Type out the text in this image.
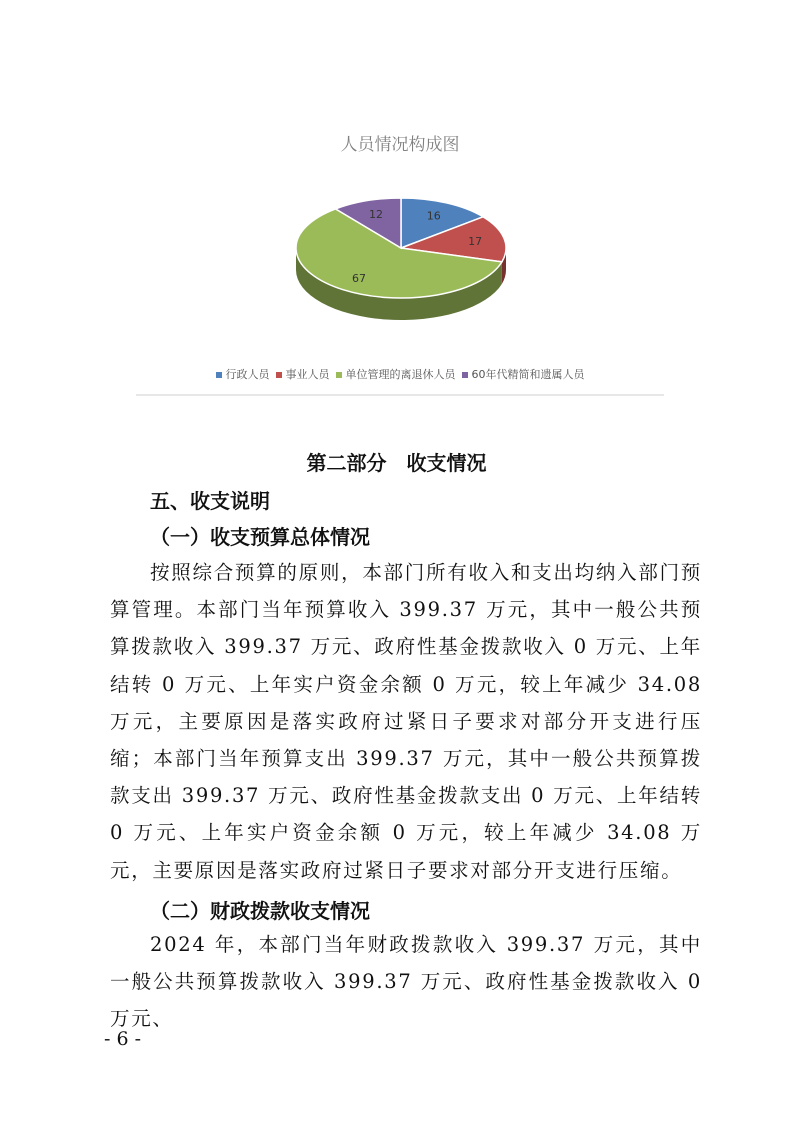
人员情况构成图
16
17
67
12
行政人员 事业人员 单位管理的离退休人员 60年代精简和遗属人员
第二部分　收支情况
五、收支说明
（一）收支预算总体情况

按照综合预算的原则，本部门所有收入和支出均纳入部门预算管理。本部门当年预算收入 399.37 万元，其中一般公共预算拨款收入 399.37 万元、政府性基金拨款收入 0 万元、上年结转 0 万元、上年实户资金余额 0 万元，较上年减少 34.08 万元，主要原因是落实政府过紧日子要求对部分开支进行压缩；本部门当年预算支出 399.37 万元，其中一般公共预算拨款支出 399.37 万元、政府性基金拨款支出 0 万元、上年结转 0 万元、上年实户资金余额 0 万元，较上年减少 34.08 万元，主要原因是落实政府过紧日子要求对部分开支进行压缩。

（二）财政拨款收支情况

2024 年，本部门当年财政拨款收入 399.37 万元，其中一般公共预算拨款收入 399.37 万元、政府性基金拨款收入 0 万元、

- 6 -
